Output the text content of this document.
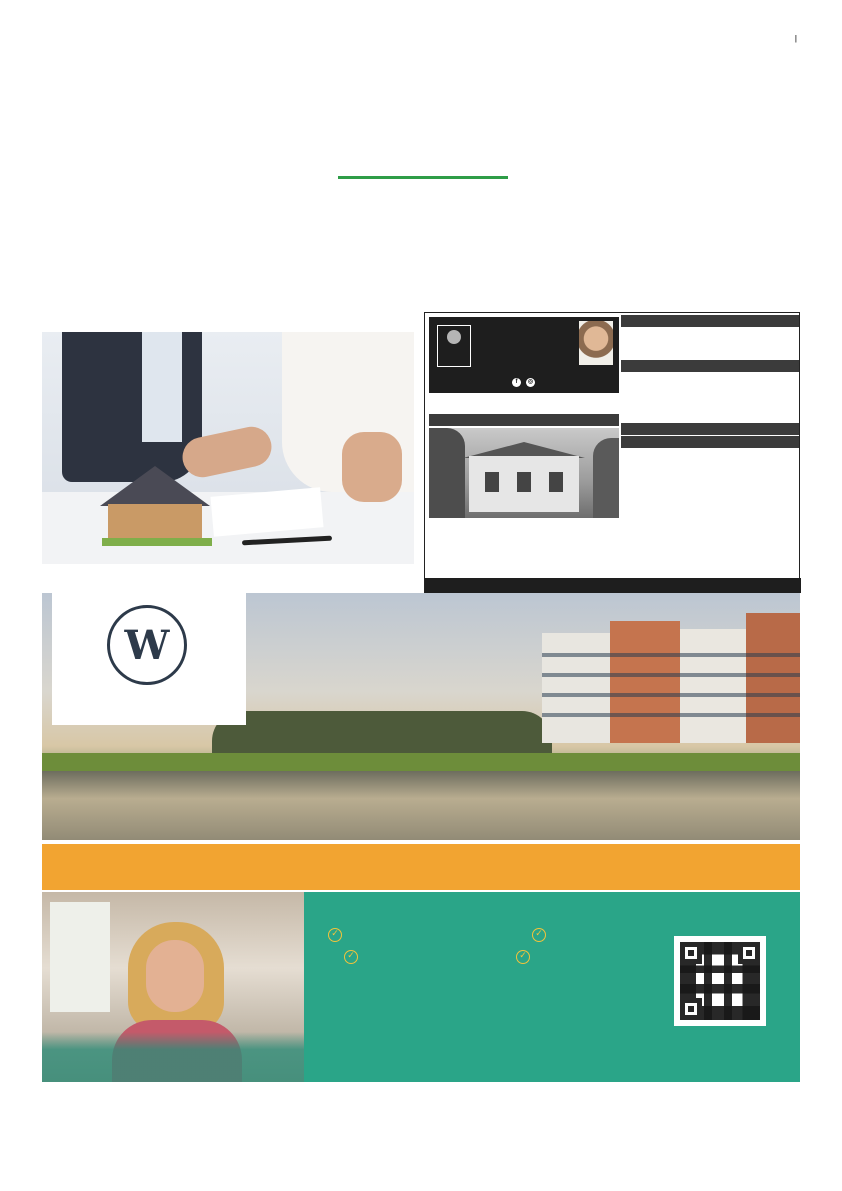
|
f ◎
W
✓	✓
✓	✓
